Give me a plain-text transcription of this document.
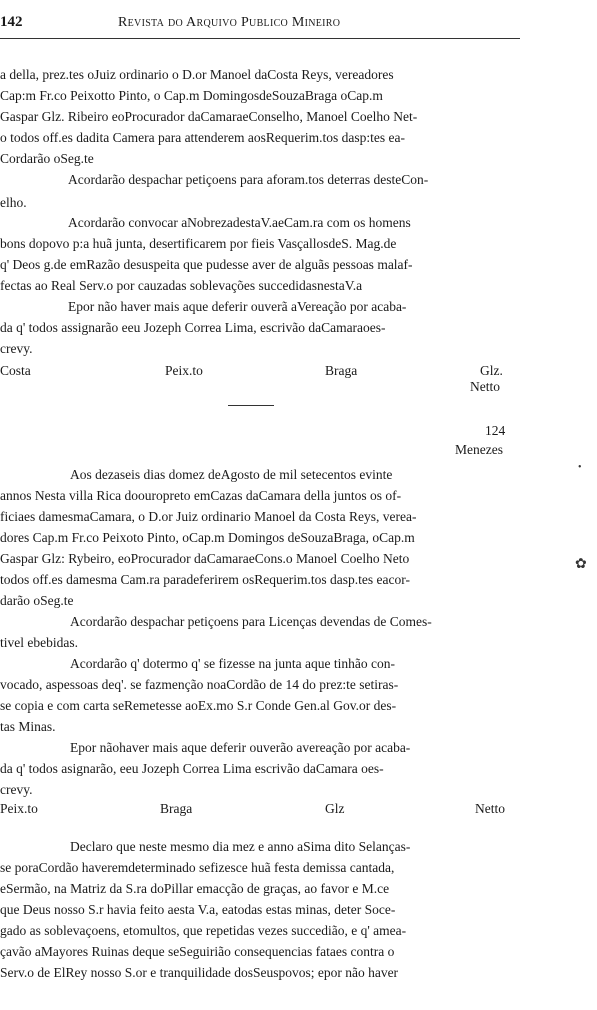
142	Revista do Arquivo Publico Mineiro
a della, prez.tes oJuiz ordinario o D.or Manoel daCosta Reys, vereadores
Cap:m Fr.co Peixotto Pinto, o Cap.m DomingosdeSouzaBraga oCap.m
Gaspar Glz. Ribeiro eoProcurador daCamaraeConselho, Manoel Coelho Net-
o todos off.es dadita Camera para attenderem aosRequerim.tos dasp:tes ea-
Cordarão oSeg.te
Acordarão despachar petiçoens para aforam.tos deterras desteCon-
elho.
Acordarão convocar aNobrezadestaV.aeCam.ra com os homens
bons dopovo p:a huã junta, desertificarem por fieis VasçallosdeS. Mag.de
q' Deos g.de emRazão desuspeita que pudesse aver de alguãs pessoas malaf-
fectas ao Real Serv.o por cauzadas soblevações succedidasnestaV.a
Epor não haver mais aque deferir ouverã aVereação por acaba-
da q' todos assignarão eeu Jozeph Correa Lima, escrivão daCamaraoes-
crevy.
Costa	Peix.to	Braga	Glz.
Netto
124
Menezes
Aos dezaseis dias domez deAgosto de mil setecentos evinte
annos Nesta villa Rica doouropreto emCazas daCamara della juntos os of-
ficiaes damesmaCamara, o D.or Juiz ordinario Manoel da Costa Reys, verea-
dores Cap.m Fr.co Peixoto Pinto, oCap.m Domingos deSouzaBraga, oCap.m
Gaspar Glz: Rybeiro, eoProcurador daCamaraeCons.o Manoel Coelho Neto
todos off.es damesma Cam.ra paradeferirem osRequerim.tos dasp.tes eacor-
darão oSeg.te
Acordarão despachar petiçoens para Licenças devendas de Comes-
tivel ebebidas.
Acordarão q' dotermo q' se fizesse na junta aque tinhão con-
vocado, aspessoas deq'. se fazmenção noaCordão de 14 do prez:te setiras-
se copia e com carta seRemetesse aoEx.mo S.r Conde Gen.al Gov.or des-
tas Minas.
Epor nãohaver mais aque deferir ouverão avereação por acaba-
da q' todos asignarão, eeu Jozeph Correa Lima escrivão daCamara oes-
crevy.
Peix.to	Braga	Glz	Netto
Declaro que neste mesmo dia mez e anno aSima dito Selanças-
se poraCordão haveremdeterminado sefizesce huã festa demissa cantada,
eSermão, na Matriz da S.ra doPillar emacção de graças, ao favor e M.ce
que Deus nosso S.r havia feito aesta V.a, eatodas estas minas, deter Soce-
gado as soblevaçoens, etomultos, que repetidas vezes succedião, e q' amea-
çavão aMayores Ruinas deque seSeguirião consequencias fataes contra o
Serv.o de ElRey nosso S.or e tranquilidade dosSeuspovos; epor não haver
•
✿
